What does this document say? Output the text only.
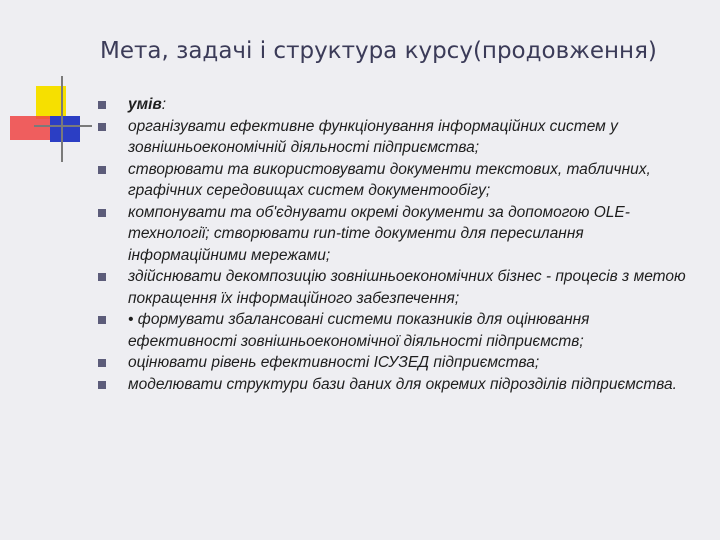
Мета, задачі і структура курсу(продовження)
умів:
організувати ефективне функціонування інформаційних систем у зовнішньоекономічній діяльності підприємства;
створювати та використовувати документи текстових, табличних, графічних середовищах систем документообігу;
компонувати та об'єднувати окремі документи за допомогою OLE-технології; створювати run-time документи для пересилання інформаційними мережами;
здійснювати декомпозицію зовнішньоекономічних бізнес - процесів з метою покращення їх інформаційного забезпечення;
• формувати збалансовані системи показників для оцінювання ефективності зовнішньоекономічної діяльності підприємств;
оцінювати рівень ефективності ІСУЗЕД підприємства;
моделювати структури бази даних для окремих підрозділів підприємства.
